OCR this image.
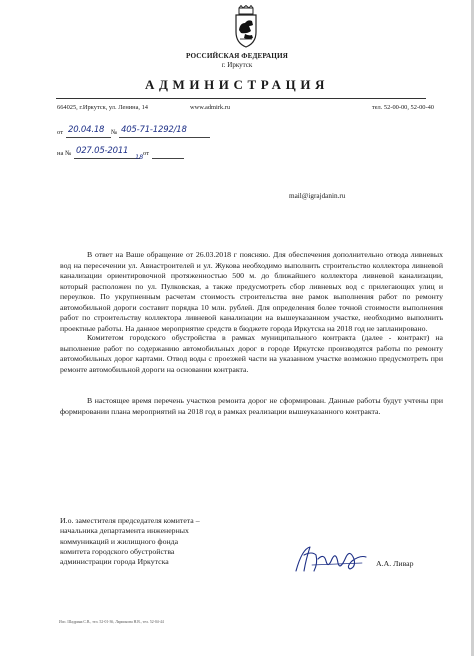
РОССИЙСКАЯ ФЕДЕРАЦИЯ
г. Иркутск
АДМИНИСТРАЦИЯ
664025, г.Иркутск, ул. Ленина, 14	www.admirk.ru	тел. 52-00-00, 52-00-40
от 20.04.18 № 405-71-1292/18
на № 027.05-2011
18 от
mail@igrajdanin.ru

В ответ на Ваше обращение от 26.03.2018 г поясняю. Для обеспечения дополнительно отвода ливневых вод на пересечении ул. Авиастроителей и ул. Жукова необходимо выполнить строительство коллектора ливневой канализации ориентировочной протяженностью 500 м. до ближайшего коллектора ливневой канализации, который расположен по ул. Пулковская, а также предусмотреть сбор ливневых вод с прилегающих улиц и переулков. По укрупненным расчетам стоимость строительства вне рамок выполнения работ по ремонту автомобильной дороги составит порядка 10 млн. рублей. Для определения более точной стоимости выполнения работ по строительству коллектора ливневой канализации на вышеуказанном участке, необходимо выполнить проектные работы. На данное мероприятие средств в бюджете города Иркутска на 2018 год не запланировано.

Комитетом городского обустройства в рамках муниципального контракта (далее - контракт) на выполнение работ по содержанию автомобильных дорог в городе Иркутске производятся работы по ремонту автомобильных дорог картами. Отвод воды с проезжей части на указанном участке возможно предусмотреть при ремонте автомобильной дороги на основании контракта.

В настоящее время перечень участков ремонта дорог не сформирован. Данные работы будут учтены при формировании плана мероприятий на 2018 год в рамках реализации вышеуказанного контракта.

И.о. заместителя председателя комитета –
начальника департамента инженерных
коммуникаций и жилищного фонда
комитета городского обустройства
администрации города Иркутска	А.А. Ливар
Исп. Шадрина С.В., тел. 52-01-36, Ларионова Н.В., тел. 52-04-44
